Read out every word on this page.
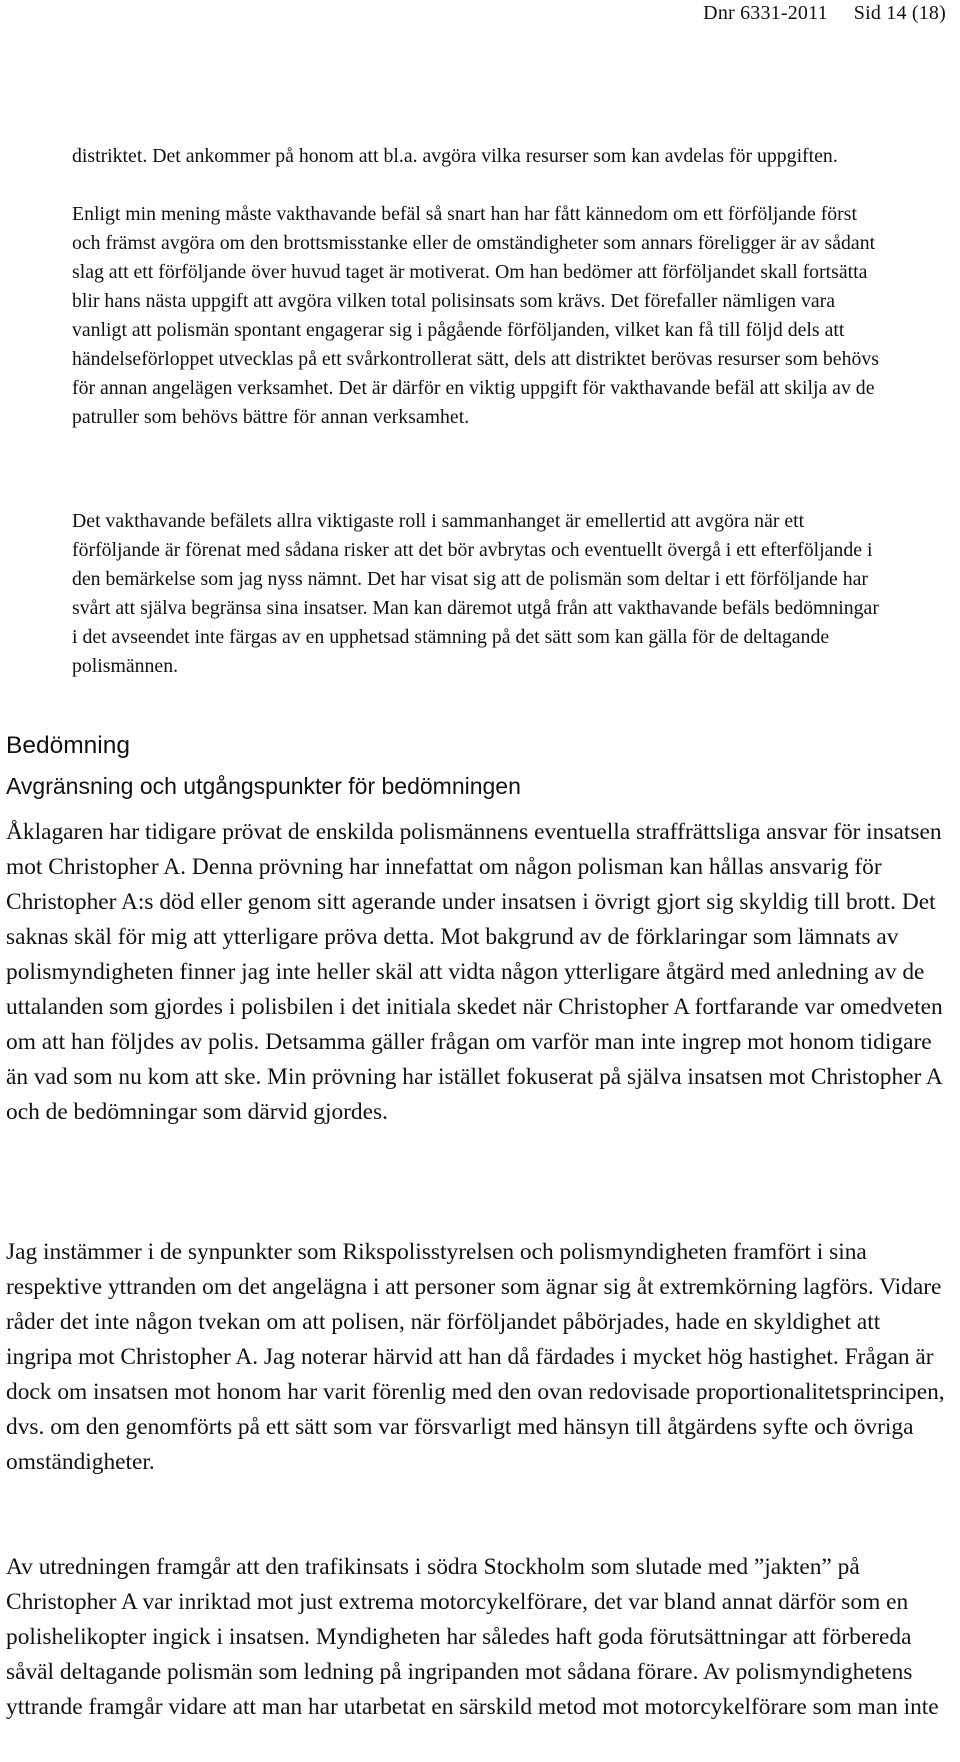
Dnr 6331-2011 Sid 14 (18)

distriktet. Det ankommer på honom att bl.a. avgöra vilka resurser som kan avdelas för uppgiften.

Enligt min mening måste vakthavande befäl så snart han har fått kännedom om ett förföljande först och främst avgöra om den brottsmisstanke eller de omständigheter som annars föreligger är av sådant slag att ett förföljande över huvud taget är motiverat. Om han bedömer att förföljandet skall fortsätta blir hans nästa uppgift att avgöra vilken total polisinsats som krävs. Det förefaller nämligen vara vanligt att polismän spontant engagerar sig i pågående förföljanden, vilket kan få till följd dels att händelseförloppet utvecklas på ett svårkontrollerat sätt, dels att distriktet berövas resurser som behövs för annan angelägen verksamhet. Det är därför en viktig uppgift för vakthavande befäl att skilja av de patruller som behövs bättre för annan verksamhet.

Det vakthavande befälets allra viktigaste roll i sammanhanget är emellertid att avgöra när ett förföljande är förenat med sådana risker att det bör avbrytas och eventuellt övergå i ett efterföljande i den bemärkelse som jag nyss nämnt. Det har visat sig att de polismän som deltar i ett förföljande har svårt att själva begränsa sina insatser. Man kan däremot utgå från att vakthavande befäls bedömningar i det avseendet inte färgas av en upphetsad stämning på det sätt som kan gälla för de deltagande polismännen.

Bedömning
Avgränsning och utgångspunkter för bedömningen

Åklagaren har tidigare prövat de enskilda polismännens eventuella straffrättsliga ansvar för insatsen mot Christopher A. Denna prövning har innefattat om någon polisman kan hållas ansvarig för Christopher A:s död eller genom sitt agerande under insatsen i övrigt gjort sig skyldig till brott. Det saknas skäl för mig att ytterligare pröva detta. Mot bakgrund av de förklaringar som lämnats av polismyndigheten finner jag inte heller skäl att vidta någon ytterligare åtgärd med anledning av de uttalanden som gjordes i polisbilen i det initiala skedet när Christopher A fortfarande var omedveten om att han följdes av polis. Detsamma gäller frågan om varför man inte ingrep mot honom tidigare än vad som nu kom att ske. Min prövning har istället fokuserat på själva insatsen mot Christopher A och de bedömningar som därvid gjordes.

Jag instämmer i de synpunkter som Rikspolisstyrelsen och polismyndigheten framfört i sina respektive yttranden om det angelägna i att personer som ägnar sig åt extremkörning lagförs. Vidare råder det inte någon tvekan om att polisen, när förföljandet påbörjades, hade en skyldighet att ingripa mot Christopher A. Jag noterar härvid att han då färdades i mycket hög hastighet. Frågan är dock om insatsen mot honom har varit förenlig med den ovan redovisade proportionalitetsprincipen, dvs. om den genomförts på ett sätt som var försvarligt med hänsyn till åtgärdens syfte och övriga omständigheter.

Av utredningen framgår att den trafikinsats i södra Stockholm som slutade med ”jakten” på Christopher A var inriktad mot just extrema motorcykelförare, det var bland annat därför som en polishelikopter ingick i insatsen. Myndigheten har således haft goda förutsättningar att förbereda såväl deltagande polismän som ledning på ingripanden mot sådana förare. Av polismyndighetens yttrande framgår vidare att man har utarbetat en särskild metod mot motorcykelförare som man inte
